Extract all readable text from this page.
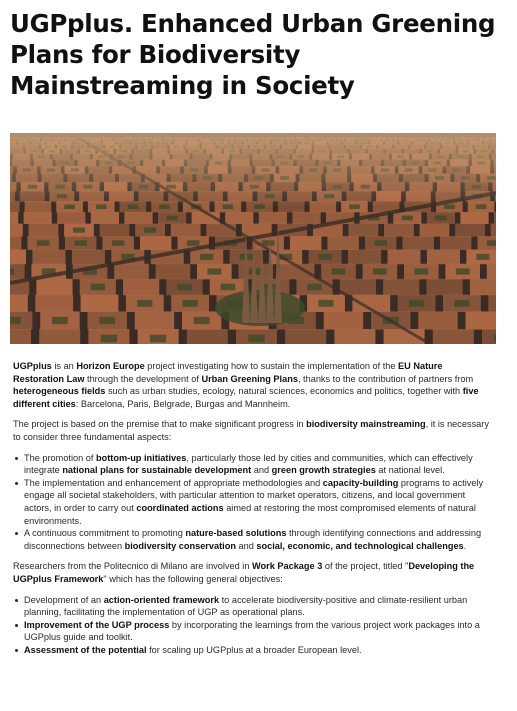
UGPplus. Enhanced Urban Greening
Plans for Biodiversity
Mainstreaming in Society

UGPplus is an Horizon Europe project investigating how to sustain the implementation of the EU Nature Restoration Law through the development of Urban Greening Plans, thanks to the contribution of partners from heterogeneous fields such as urban studies, ecology, natural sciences, economics and politics, together with five different cities: Barcelona, Paris, Belgrade, Burgas and Mannheim.

The project is based on the premise that to make significant progress in biodiversity mainstreaming, it is necessary to consider three fundamental aspects:

The promotion of bottom-up initiatives, particularly those led by cities and communities, which can effectively integrate national plans for sustainable development and green growth strategies at national level.
The implementation and enhancement of appropriate methodologies and capacity-building programs to actively engage all societal stakeholders, with particular attention to market operators, citizens, and local government actors, in order to carry out coordinated actions aimed at restoring the most compromised elements of natural environments.
A continuous commitment to promoting nature-based solutions through identifying connections and addressing disconnections between biodiversity conservation and social, economic, and technological challenges.

Researchers from the Politecnico di Milano are involved in Work Package 3 of the project, titled "Developing the UGPplus Framework" which has the following general objectives:

Development of an action-oriented framework to accelerate biodiversity-positive and climate-resilient urban planning, facilitating the implementation of UGP as operational plans.
Improvement of the UGP process by incorporating the learnings from the various project work packages into a UGPplus guide and toolkit.
Assessment of the potential for scaling up UGPplus at a broader European level.
